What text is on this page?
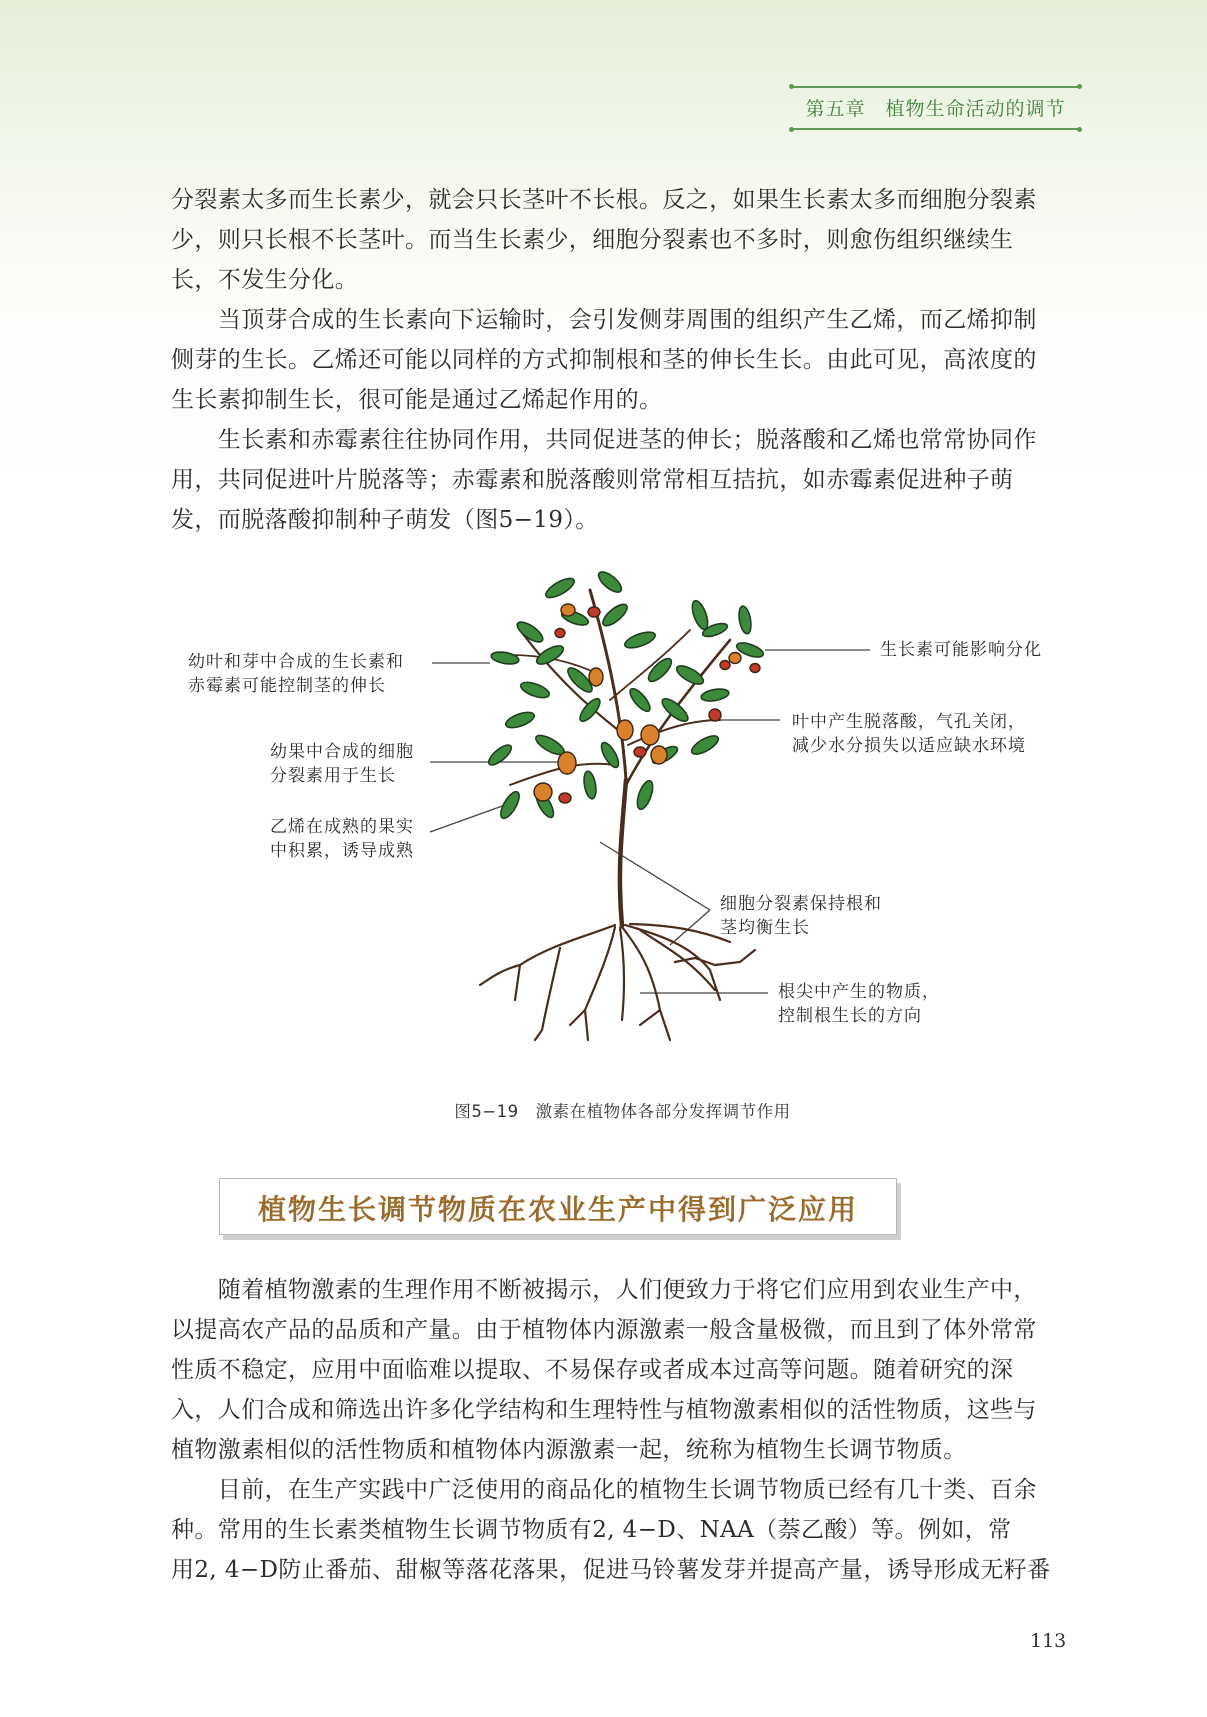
第五章　植物生命活动的调节

分裂素太多而生长素少，就会只长茎叶不长根。反之，如果生长素太多而细胞分裂素
少，则只长根不长茎叶。而当生长素少，细胞分裂素也不多时，则愈伤组织继续生
长，不发生分化。

　　当顶芽合成的生长素向下运输时，会引发侧芽周围的组织产生乙烯，而乙烯抑制
侧芽的生长。乙烯还可能以同样的方式抑制根和茎的伸长生长。由此可见，高浓度的
生长素抑制生长，很可能是通过乙烯起作用的。

　　生长素和赤霉素往往协同作用，共同促进茎的伸长；脱落酸和乙烯也常常协同作
用，共同促进叶片脱落等；赤霉素和脱落酸则常常相互拮抗，如赤霉素促进种子萌
发，而脱落酸抑制种子萌发（图5−19）。

幼叶和芽中合成的生长素和
赤霉素可能控制茎的伸长
幼果中合成的细胞
分裂素用于生长
乙烯在成熟的果实
中积累，诱导成熟
生长素可能影响分化
叶中产生脱落酸，气孔关闭，
减少水分损失以适应缺水环境
细胞分裂素保持根和
茎均衡生长
根尖中产生的物质，
控制根生长的方向
图5−19　激素在植物体各部分发挥调节作用
植物生长调节物质在农业生产中得到广泛应用

　　随着植物激素的生理作用不断被揭示，人们便致力于将它们应用到农业生产中，
以提高农产品的品质和产量。由于植物体内源激素一般含量极微，而且到了体外常常
性质不稳定，应用中面临难以提取、不易保存或者成本过高等问题。随着研究的深
入，人们合成和筛选出许多化学结构和生理特性与植物激素相似的活性物质，这些与
植物激素相似的活性物质和植物体内源激素一起，统称为植物生长调节物质。

　　目前，在生产实践中广泛使用的商品化的植物生长调节物质已经有几十类、百余
种。常用的生长素类植物生长调节物质有2, 4−D、NAA（萘乙酸）等。例如，常
用2, 4−D防止番茄、甜椒等落花落果，促进马铃薯发芽并提高产量，诱导形成无籽番

113
